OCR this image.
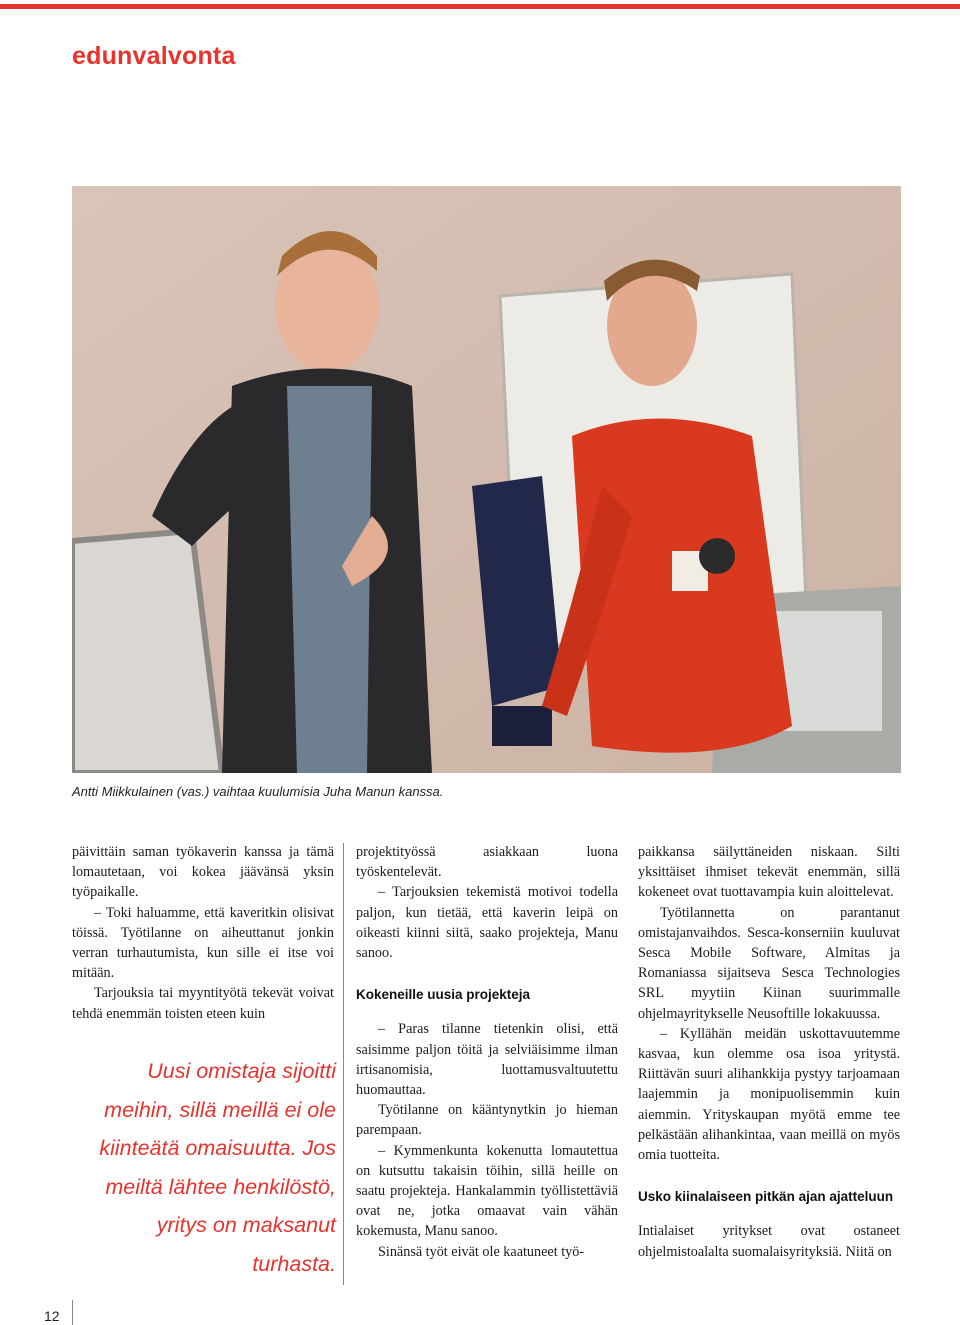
edunvalvonta
Antti Miikkulainen (vas.) vaihtaa kuulumisia Juha Manun kanssa.

päivittäin saman työkaverin kanssa ja tämä lomautetaan, voi kokea jäävänsä yksin työpaikalle.

– Toki haluamme, että kaveritkin olisivat töissä. Työtilanne on aiheuttanut jonkin verran turhautumista, kun sille ei itse voi mitään.

Tarjouksia tai myyntityötä tekevät voivat tehdä enemmän toisten eteen kuin

Uusi omistaja sijoitti meihin, sillä meillä ei ole kiinteätä omaisuutta. Jos meiltä lähtee henkilöstö, yritys on maksanut turhasta.

projektityössä asiakkaan luona työskentelevät.

– Tarjouksien tekemistä motivoi todella paljon, kun tietää, että kaverin leipä on oikeasti kiinni siitä, saako projekteja, Manu sanoo.

Kokeneille uusia projekteja

– Paras tilanne tietenkin olisi, että saisimme paljon töitä ja selviäisimme ilman irtisanomisia, luottamusvaltuutettu huomauttaa.

Työtilanne on kääntynytkin jo hieman parempaan.

– Kymmenkunta kokenutta lomautettua on kutsuttu takaisin töihin, sillä heille on saatu projekteja. Hankalammin työllistettäviä ovat ne, jotka omaavat vain vähän kokemusta, Manu sanoo.

Sinänsä työt eivät ole kaatuneet työ-

paikkansa säilyttäneiden niskaan. Silti yksittäiset ihmiset tekevät enemmän, sillä kokeneet ovat tuottavampia kuin aloittelevat.

Työtilannetta on parantanut omistajanvaihdos. Sesca-konserniin kuuluvat Sesca Mobile Software, Almitas ja Romaniassa sijaitseva Sesca Technologies SRL myytiin Kiinan suurimmalle ohjelmayritykselle Neusoftille lokakuussa.

– Kyllähän meidän uskottavuutemme kasvaa, kun olemme osa isoa yritystä. Riittävän suuri alihankkija pystyy tarjoamaan laajemmin ja monipuolisemmin kuin aiemmin. Yrityskaupan myötä emme tee pelkästään alihankintaa, vaan meillä on myös omia tuotteita.

Usko kiinalaiseen pitkän ajan ajatteluun

Intialaiset yritykset ovat ostaneet ohjelmistoalalta suomalaisyrityksiä. Niitä on

12
